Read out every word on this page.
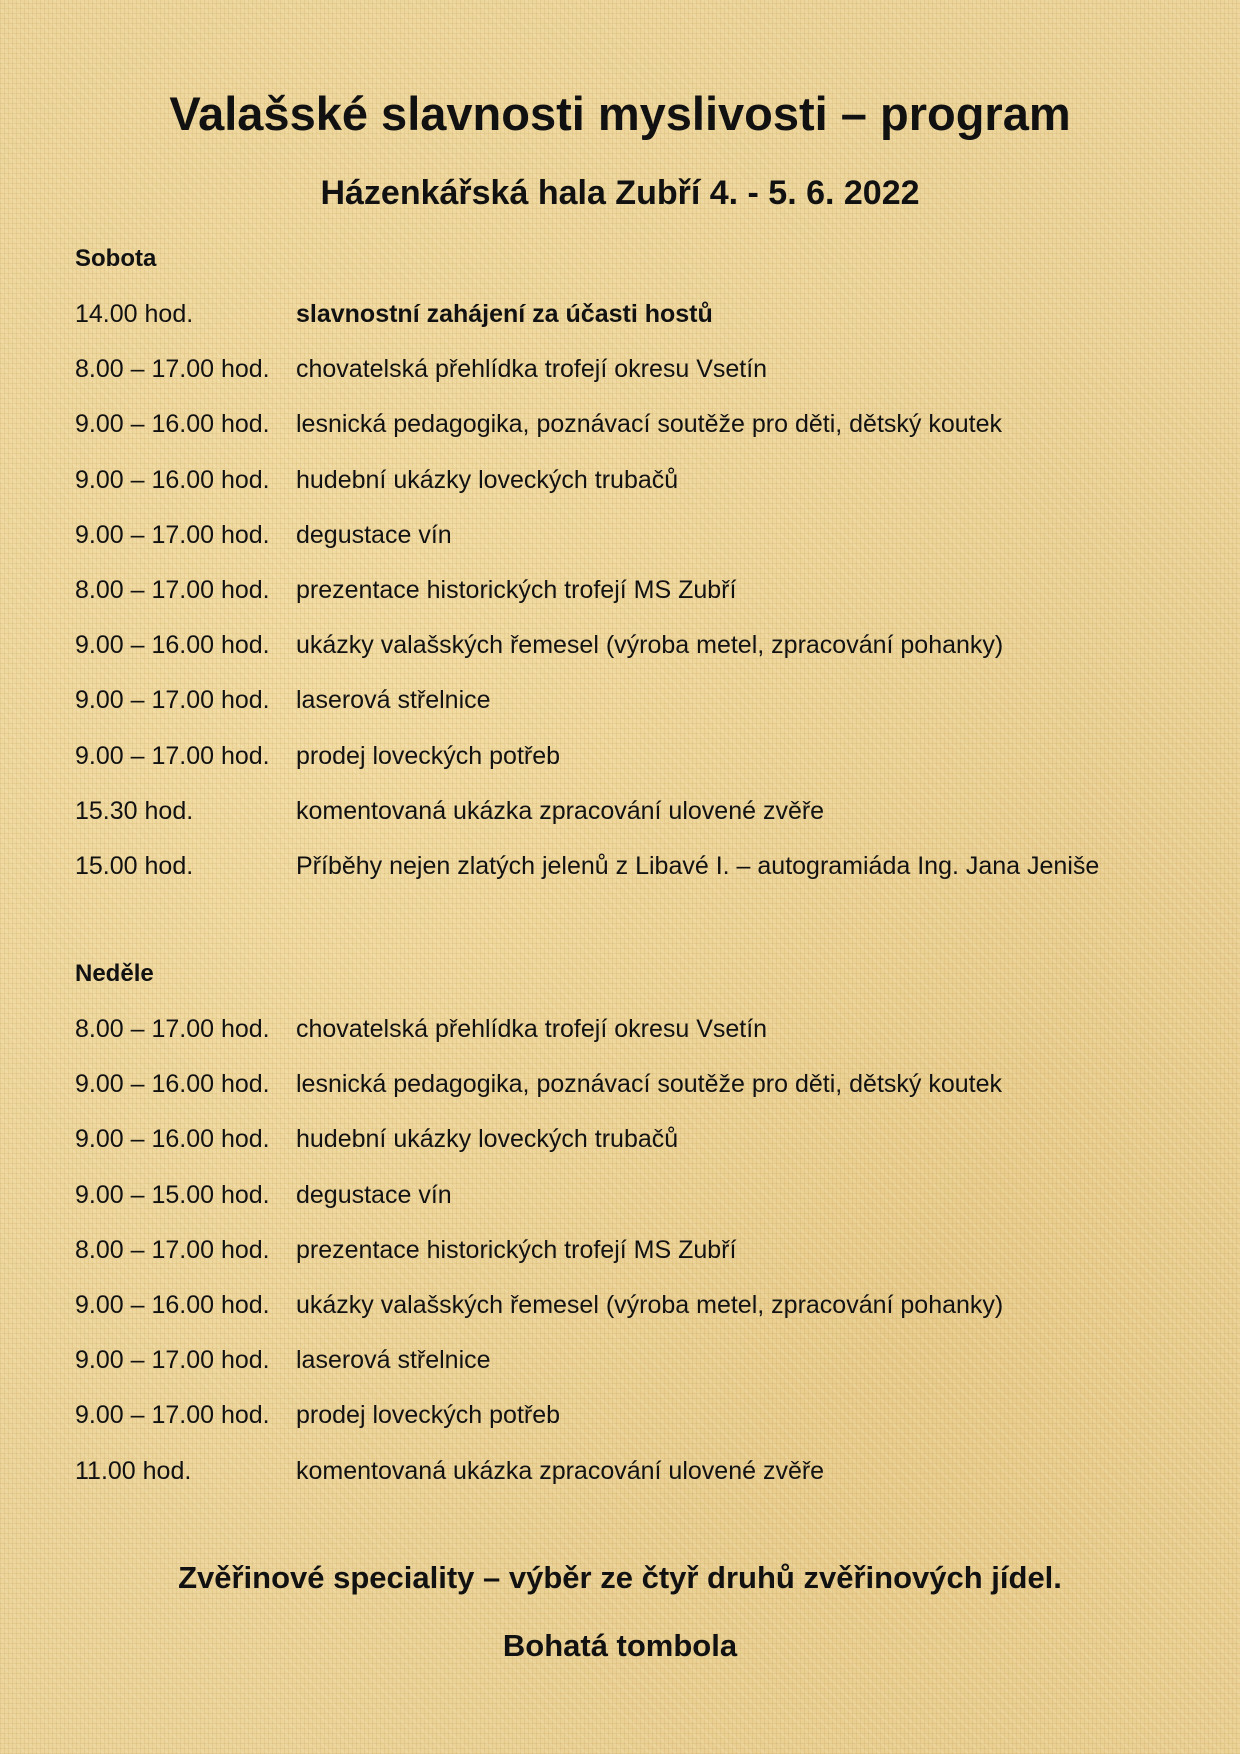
Valašské slavnosti myslivosti – program
Házenkářská hala Zubří 4. - 5. 6. 2022
Sobota
14.00 hod.	slavnostní zahájení za účasti hostů
8.00 – 17.00 hod.	chovatelská přehlídka trofejí okresu Vsetín
9.00 – 16.00 hod.	lesnická pedagogika, poznávací soutěže pro děti, dětský koutek
9.00 – 16.00 hod.	hudební ukázky loveckých trubačů
9.00 – 17.00 hod.	degustace vín
8.00 – 17.00 hod.	prezentace historických trofejí MS Zubří
9.00 – 16.00 hod.	ukázky valašských řemesel (výroba metel, zpracování pohanky)
9.00 – 17.00 hod.	laserová střelnice
9.00 – 17.00 hod.	prodej loveckých potřeb
15.30 hod.	komentovaná ukázka zpracování ulovené zvěře
15.00 hod.	Příběhy nejen zlatých jelenů z Libavé I. – autogramiáda Ing. Jana Jeniše
Neděle
8.00 – 17.00 hod.	chovatelská přehlídka trofejí okresu Vsetín
9.00 – 16.00 hod.	lesnická pedagogika, poznávací soutěže pro děti, dětský koutek
9.00 – 16.00 hod.	hudební ukázky loveckých trubačů
9.00 – 15.00 hod.	degustace vín
8.00 – 17.00 hod.	prezentace historických trofejí MS Zubří
9.00 – 16.00 hod.	ukázky valašských řemesel (výroba metel, zpracování pohanky)
9.00 – 17.00 hod.	laserová střelnice
9.00 – 17.00 hod.	prodej loveckých potřeb
11.00 hod.	komentovaná ukázka zpracování ulovené zvěře

Zvěřinové speciality – výběr ze čtyř druhů zvěřinových jídel.

Bohatá tombola
